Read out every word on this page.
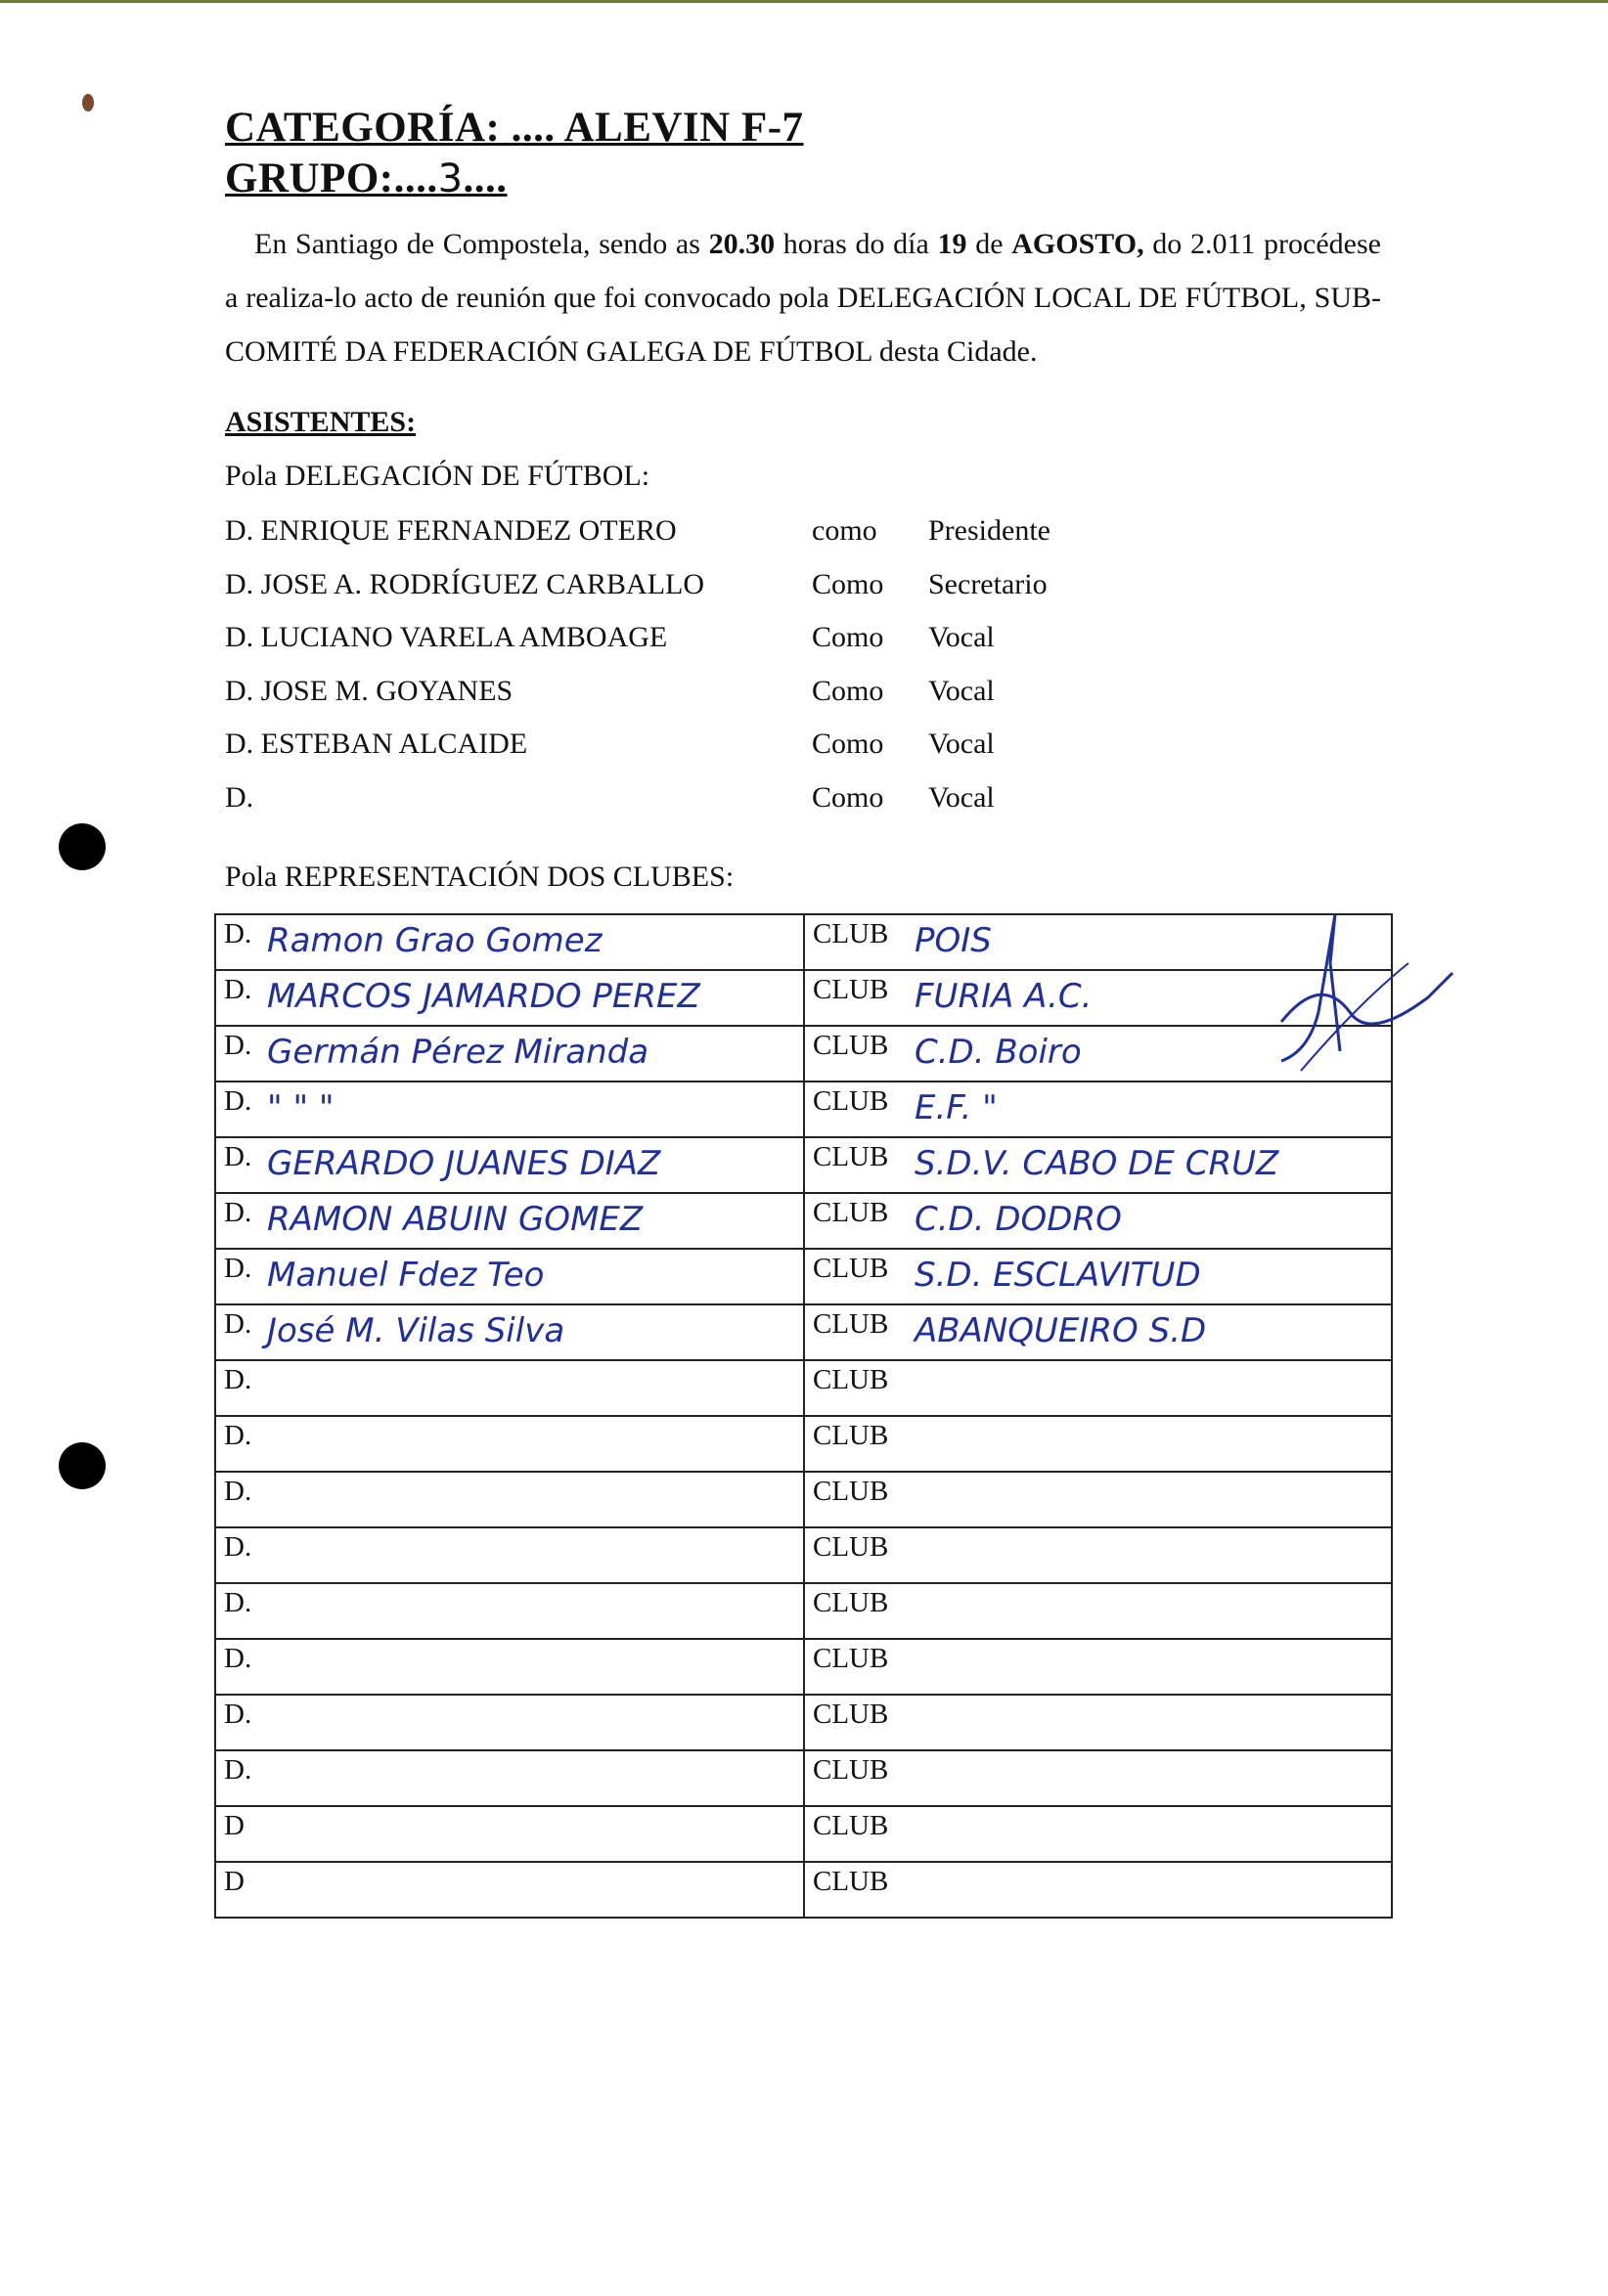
CATEGORÍA: .... ALEVIN F-7
GRUPO:....3....
En Santiago de Compostela, sendo as 20.30 horas do día 19 de AGOSTO, do 2.011 procédese a realiza-lo acto de reunión que foi convocado pola DELEGACIÓN LOCAL DE FÚTBOL, SUB-COMITÉ DA FEDERACIÓN GALEGA DE FÚTBOL desta Cidade.
ASISTENTES:
Pola DELEGACIÓN DE FÚTBOL:
D. ENRIQUE FERNANDEZ OTERO	como Presidente
D. JOSE A. RODRÍGUEZ CARBALLO	Como Secretario
D. LUCIANO VARELA AMBOAGE	Como Vocal
D. JOSE M. GOYANES	Como Vocal
D. ESTEBAN ALCAIDE	Como Vocal
D.	Como Vocal
Pola REPRESENTACIÓN DOS CLUBES:
D. Ramon Grao Gomez	CLUB POIS

D. MARCOS JAMARDO PEREZ	CLUB FURIA A.C.

D. Germán Pérez Miranda	CLUB C.D. Boiro

D. " " "	CLUB E.F. "

D. GERARDO JUANES DIAZ	CLUB S.D.V. CABO DE CRUZ

D. RAMON ABUIN GOMEZ	CLUB C.D. DODRO

D. Manuel Fdez Teo	CLUB S.D. ESCLAVITUD

D. José M. Vilas Silva	CLUB ABANQUEIRO S.D

D.	CLUB
D.	CLUB
D.	CLUB
D.	CLUB
D.	CLUB
D.	CLUB
D.	CLUB
D.	CLUB
D	CLUB
D	CLUB
